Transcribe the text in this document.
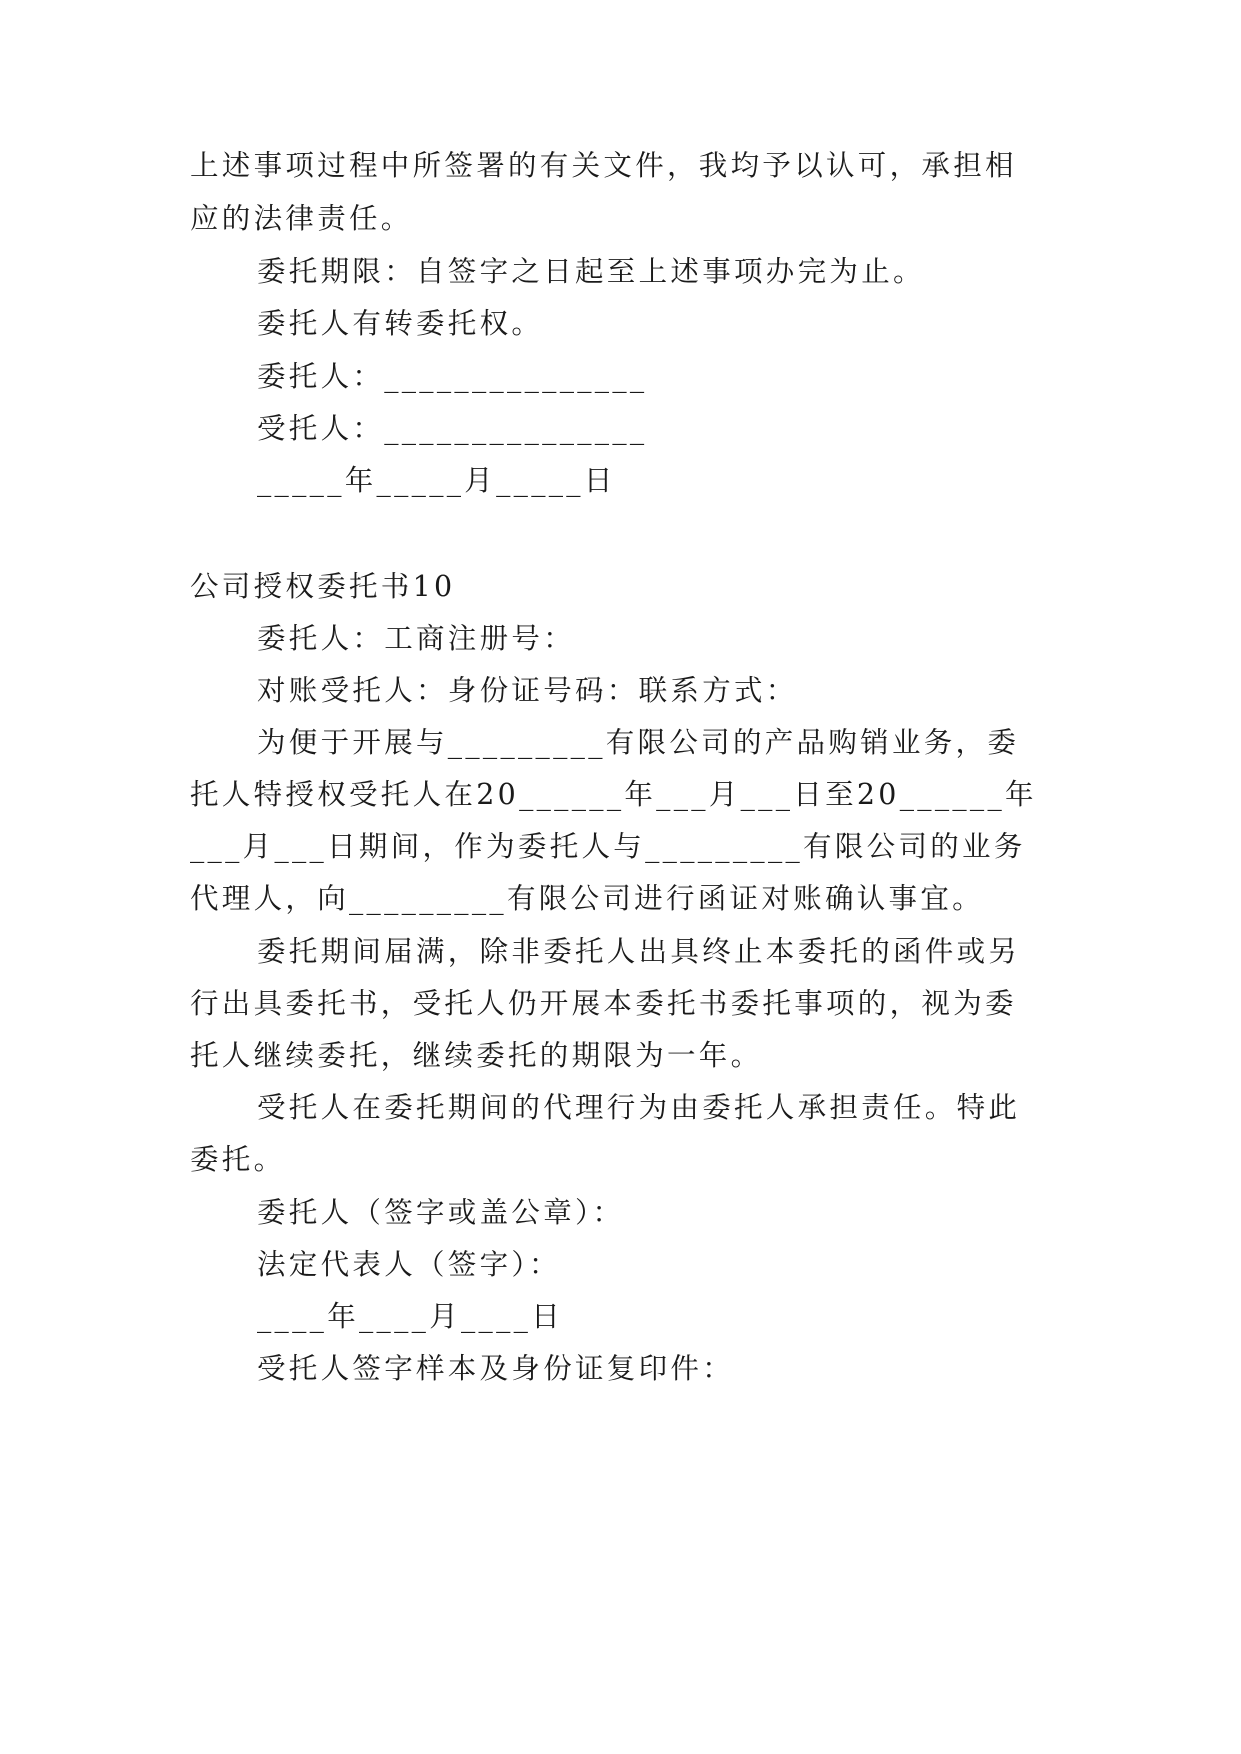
上述事项过程中所签署的有关文件，我均予以认可，承担相
应的法律责任。
委托期限：自签字之日起至上述事项办完为止。
委托人有转委托权。
委托人：_______________
受托人：_______________
_____年_____月_____日
公司授权委托书10
委托人：工商注册号：
对账受托人：身份证号码：联系方式：
为便于开展与_________有限公司的产品购销业务，委
托人特授权受托人在20______年___月___日至20______年
___月___日期间，作为委托人与_________有限公司的业务
代理人，向_________有限公司进行函证对账确认事宜。
委托期间届满，除非委托人出具终止本委托的函件或另
行出具委托书，受托人仍开展本委托书委托事项的，视为委
托人继续委托，继续委托的期限为一年。
受托人在委托期间的代理行为由委托人承担责任。特此
委托。
委托人（签字或盖公章）：
法定代表人（签字）：
____年____月____日
受托人签字样本及身份证复印件：
